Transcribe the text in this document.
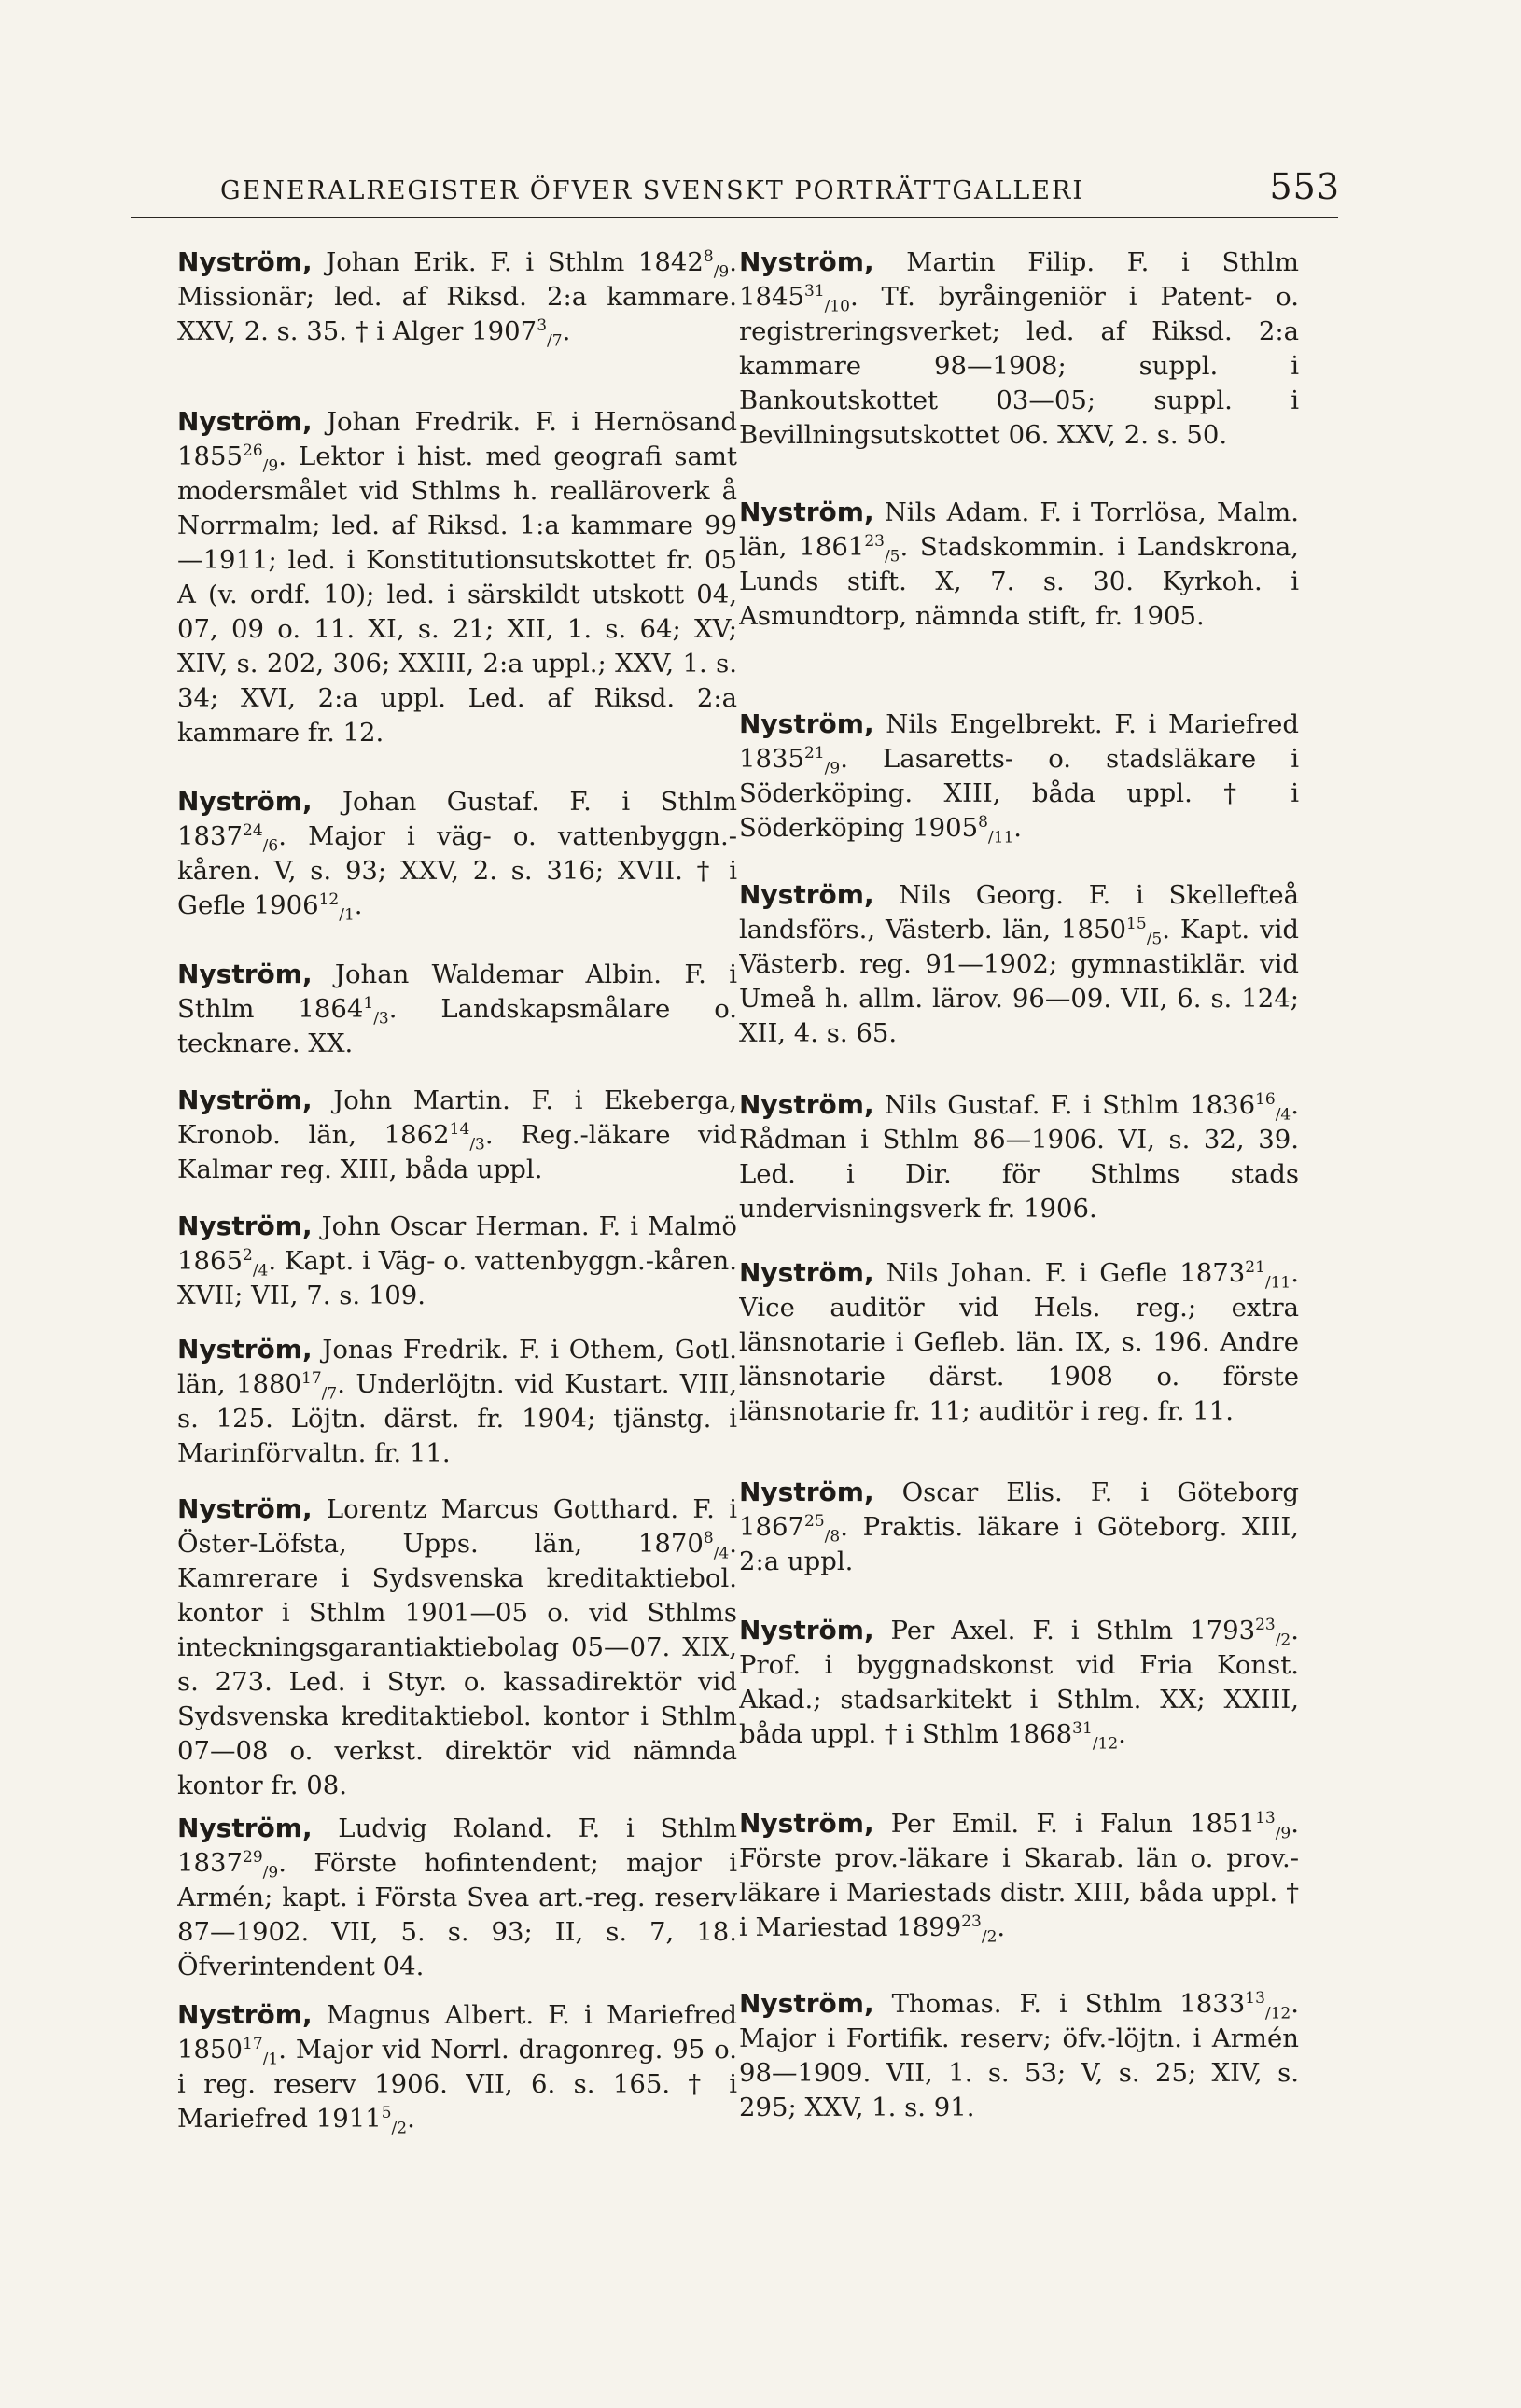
GENERALREGISTER ÖFVER SVENSKT PORTRÄTTGALLERI	553

Nyström, Johan Erik. F. i Sthlm $1842^8_{/9}$. Missionär; led. af Riksd. 2:a kammare. XXV, 2. s. 35. † i Alger $1907^3_{/7}$.

Nyström, Johan Fredrik. F. i Hernösand $1855^{26}_{/9}$. Lektor i hist. med geografi samt modersmålet vid Sthlms h. realläroverk å Norrmalm; led. af Riksd. 1:a kammare 99—1911; led. i Konstitutionsutskottet fr. 05 A (v. ordf. 10); led. i särskildt utskott 04, 07, 09 o. 11. XI, s. 21; XII, 1. s. 64; XV; XIV, s. 202, 306; XXIII, 2:a uppl.; XXV, 1. s. 34; XVI, 2:a uppl. Led. af Riksd. 2:a kammare fr. 12.

Nyström, Johan Gustaf. F. i Sthlm $1837^{24}_{/6}$. Major i väg- o. vattenbyggn.-kåren. V, s. 93; XXV, 2. s. 316; XVII. † i Gefle $1906^{12}_{/1}$.

Nyström, Johan Waldemar Albin. F. i Sthlm $1864^1_{/3}$. Landskapsmålare o. tecknare. XX.

Nyström, John Martin. F. i Ekeberga, Kronob. län, $1862^{14}_{/3}$. Reg.-läkare vid Kalmar reg. XIII, båda uppl.

Nyström, John Oscar Herman. F. i Malmö $1865^2_{/4}$. Kapt. i Väg- o. vattenbyggn.-kåren. XVII; VII, 7. s. 109.

Nyström, Jonas Fredrik. F. i Othem, Gotl. län, $1880^{17}_{/7}$. Underlöjtn. vid Kustart. VIII, s. 125. Löjtn. därst. fr. 1904; tjänstg. i Marinförvaltn. fr. 11.

Nyström, Lorentz Marcus Gotthard. F. i Öster-Löfsta, Upps. län, $1870^8_{/4}$. Kamrerare i Sydsvenska kreditaktiebol. kontor i Sthlm 1901—05 o. vid Sthlms inteckningsgarantiaktiebolag 05—07. XIX, s. 273. Led. i Styr. o. kassadirektör vid Sydsvenska kreditaktiebol. kontor i Sthlm 07—08 o. verkst. direktör vid nämnda kontor fr. 08.

Nyström, Ludvig Roland. F. i Sthlm $1837^{29}_{/9}$. Förste hofintendent; major i Armén; kapt. i Första Svea art.-reg. reserv 87—1902. VII, 5. s. 93; II, s. 7, 18. Öfverintendent 04.

Nyström, Magnus Albert. F. i Mariefred $1850^{17}_{/1}$. Major vid Norrl. dragonreg. 95 o. i reg. reserv 1906. VII, 6. s. 165. † i Mariefred $1911^5_{/2}$.

Nyström, Martin Filip. F. i Sthlm $1845^{31}_{/10}$. Tf. byråingeniör i Patent- o. registreringsverket; led. af Riksd. 2:a kammare 98—1908; suppl. i Bankoutskottet 03—05; suppl. i Bevillningsutskottet 06. XXV, 2. s. 50.

Nyström, Nils Adam. F. i Torrlösa, Malm. län, $1861^{23}_{/5}$. Stadskommin. i Landskrona, Lunds stift. X, 7. s. 30. Kyrkoh. i Asmundtorp, nämnda stift, fr. 1905.

Nyström, Nils Engelbrekt. F. i Mariefred $1835^{21}_{/9}$. Lasaretts- o. stadsläkare i Söderköping. XIII, båda uppl. † i Söderköping $1905^8_{/11}$.

Nyström, Nils Georg. F. i Skellefteå landsförs., Västerb. län, $1850^{15}_{/5}$. Kapt. vid Västerb. reg. 91—1902; gymnastiklär. vid Umeå h. allm. lärov. 96—09. VII, 6. s. 124; XII, 4. s. 65.

Nyström, Nils Gustaf. F. i Sthlm $1836^{16}_{/4}$. Rådman i Sthlm 86—1906. VI, s. 32, 39. Led. i Dir. för Sthlms stads undervisningsverk fr. 1906.

Nyström, Nils Johan. F. i Gefle $1873^{21}_{/11}$. Vice auditör vid Hels. reg.; extra länsnotarie i Gefleb. län. IX, s. 196. Andre länsnotarie därst. 1908 o. förste länsnotarie fr. 11; auditör i reg. fr. 11.

Nyström, Oscar Elis. F. i Göteborg $1867^{25}_{/8}$. Praktis. läkare i Göteborg. XIII, 2:a uppl.

Nyström, Per Axel. F. i Sthlm $1793^{23}_{/2}$. Prof. i byggnadskonst vid Fria Konst. Akad.; stadsarkitekt i Sthlm. XX; XXIII, båda uppl. † i Sthlm $1868^{31}_{/12}$.

Nyström, Per Emil. F. i Falun $1851^{13}_{/9}$. Förste prov.-läkare i Skarab. län o. prov.-läkare i Mariestads distr. XIII, båda uppl. † i Mariestad $1899^{23}_{/2}$.

Nyström, Thomas. F. i Sthlm $1833^{13}_{/12}$. Major i Fortifik. reserv; öfv.-löjtn. i Armén 98—1909. VII, 1. s. 53; V, s. 25; XIV, s. 295; XXV, 1. s. 91.
